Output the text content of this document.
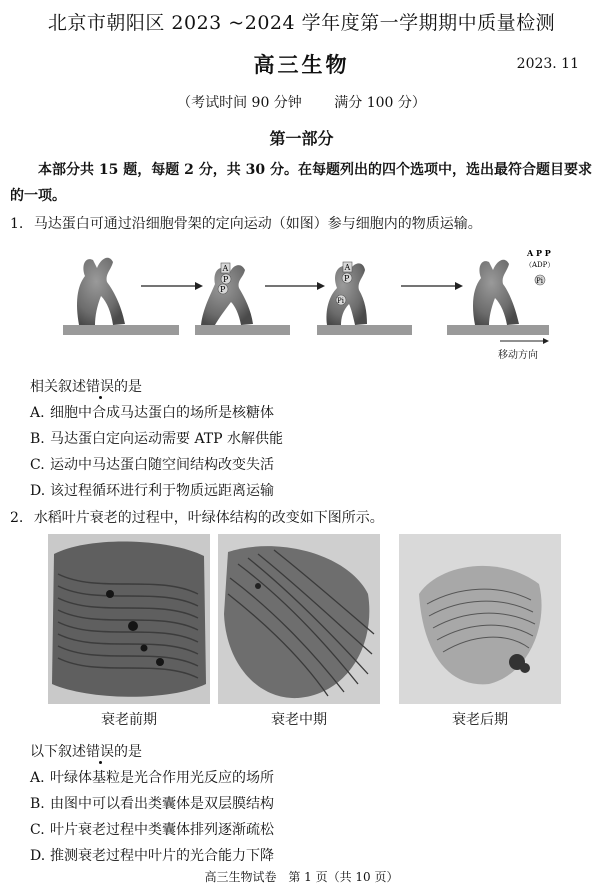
北京市朝阳区 2023 ~2024 学年度第一学期期中质量检测
高三生物	2023. 11
（考试时间 90 分钟 满分 100 分）
第一部分
本部分共 15 题，每题 2 分，共 30 分。在每题列出的四个选项中，选出最符合题目要求的一项。
1. 马达蛋白可通过沿细胞骨架的定向运动（如图）参与细胞内的物质运输。
A
P
P
A
P
Pi
A P P
（ADP）
Pi
移动方向
相关叙述错误的是
A. 细胞中合成马达蛋白的场所是核糖体
B. 马达蛋白定向运动需要 ATP 水解供能
C. 运动中马达蛋白随空间结构改变失活
D. 该过程循环进行利于物质远距离运输
2. 水稻叶片衰老的过程中，叶绿体结构的改变如下图所示。
衰老前期	衰老中期	衰老后期
以下叙述错误的是
A. 叶绿体基粒是光合作用光反应的场所
B. 由图中可以看出类囊体是双层膜结构
C. 叶片衰老过程中类囊体排列逐渐疏松
D. 推测衰老过程中叶片的光合能力下降
高三生物试卷 第 1 页（共 10 页）
